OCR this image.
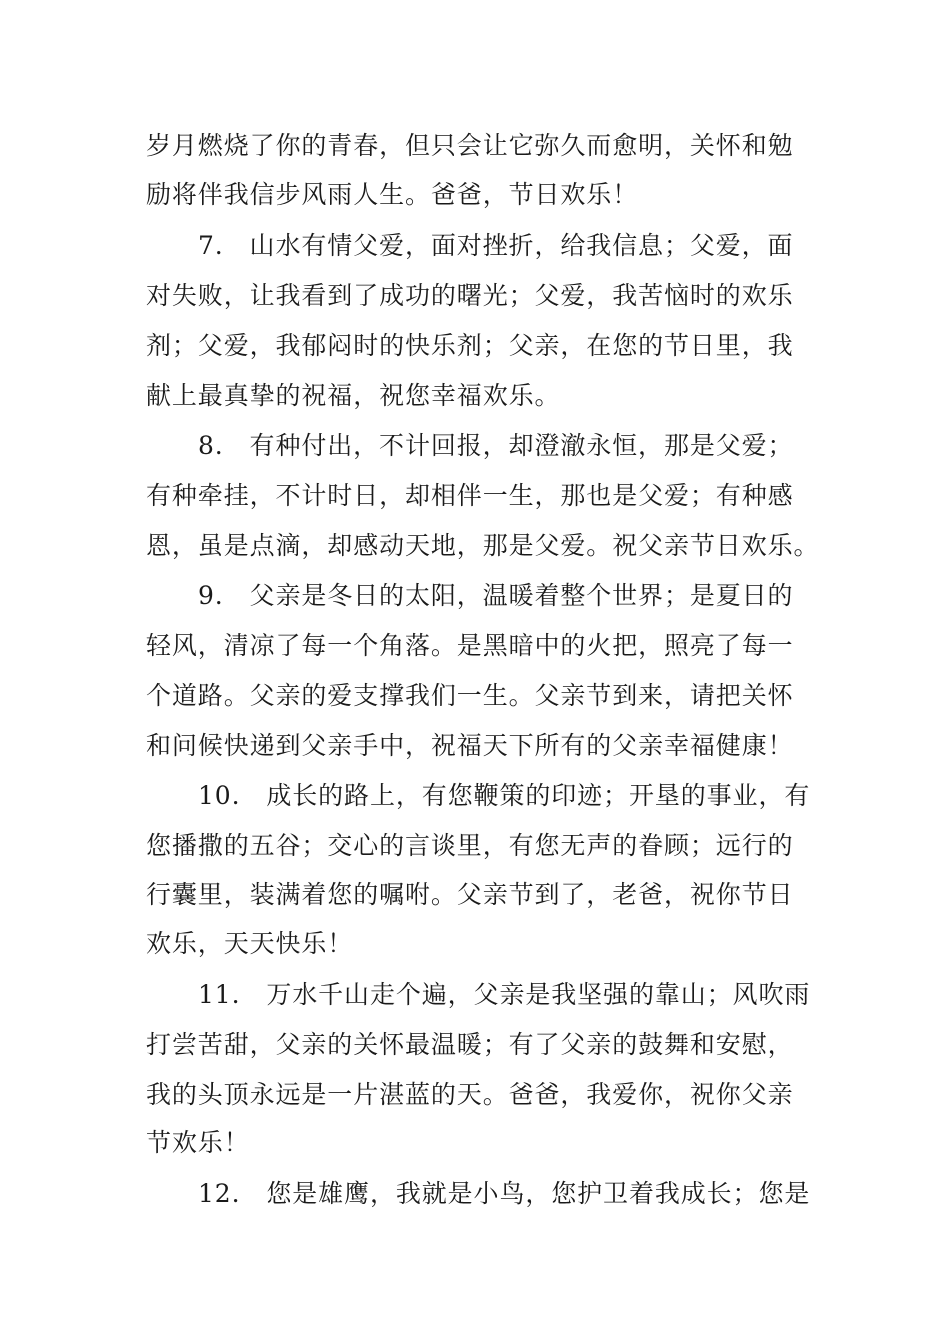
岁月燃烧了你的青春，但只会让它弥久而愈明，关怀和勉
励将伴我信步风雨人生。爸爸，节日欢乐！
7.　山水有情父爱，面对挫折，给我信息；父爱，面
对失败，让我看到了成功的曙光；父爱，我苦恼时的欢乐
剂；父爱，我郁闷时的快乐剂；父亲，在您的节日里，我
献上最真挚的祝福，祝您幸福欢乐。
8.　有种付出，不计回报，却澄澈永恒，那是父爱；
有种牵挂，不计时日，却相伴一生，那也是父爱；有种感
恩，虽是点滴，却感动天地，那是父爱。祝父亲节日欢乐。
9.　父亲是冬日的太阳，温暖着整个世界；是夏日的
轻风，清凉了每一个角落。是黑暗中的火把，照亮了每一
个道路。父亲的爱支撑我们一生。父亲节到来，请把关怀
和问候快递到父亲手中，祝福天下所有的父亲幸福健康！
10.　成长的路上，有您鞭策的印迹；开垦的事业，有
您播撒的五谷；交心的言谈里，有您无声的眷顾；远行的
行囊里，装满着您的嘱咐。父亲节到了，老爸，祝你节日
欢乐，天天快乐！
11.　万水千山走个遍，父亲是我坚强的靠山；风吹雨
打尝苦甜，父亲的关怀最温暖；有了父亲的鼓舞和安慰，
我的头顶永远是一片湛蓝的天。爸爸，我爱你，祝你父亲
节欢乐！
12.　您是雄鹰，我就是小鸟，您护卫着我成长；您是
